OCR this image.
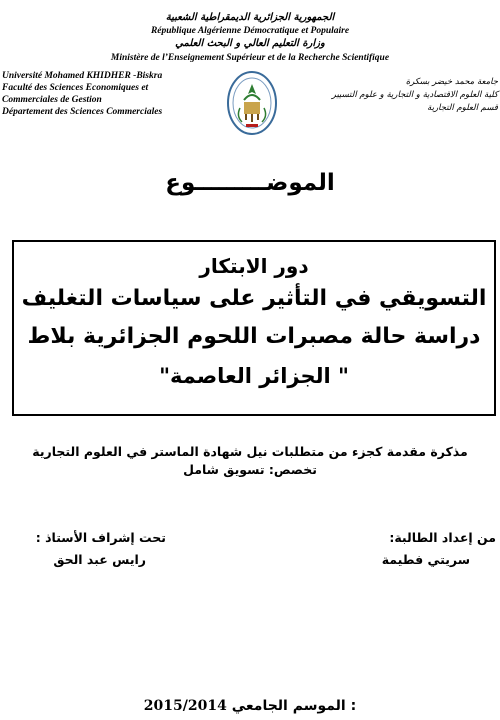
الجمهورية الجزائرية الديمقراطية الشعبية
République Algérienne Démocratique et Populaire
وزارة التعليم العالي و البحث العلمي
Ministère de l’Enseignement Supérieur et de la Recherche Scientifique
Université Mohamed KHIDHER -Biskra
Faculté des Sciences Economiques et
Commerciales de Gestion
Département des Sciences Commerciales
جامعة محمد خيضر بسكرة
كلية العلوم الاقتصادية و التجارية و علوم التسيير
قسم العلوم التجارية
الموضـــــــــوع
دور الابتكار
التسويقي في التأثير على سياسات التغليف
دراسة حالة مصبرات اللحوم الجزائرية بلاط
" الجزائر العاصمة"
مذكرة مقدمة كجزء من متطلبات نيل شهادة الماستر في العلوم التجارية
تخصص: تسويق شامل
من إعداد الطالبة:
سريتي فطيمة
تحت إشراف الأستاذ :
رايس عبد الحق
2015/2014 الموسم الجامعي :
